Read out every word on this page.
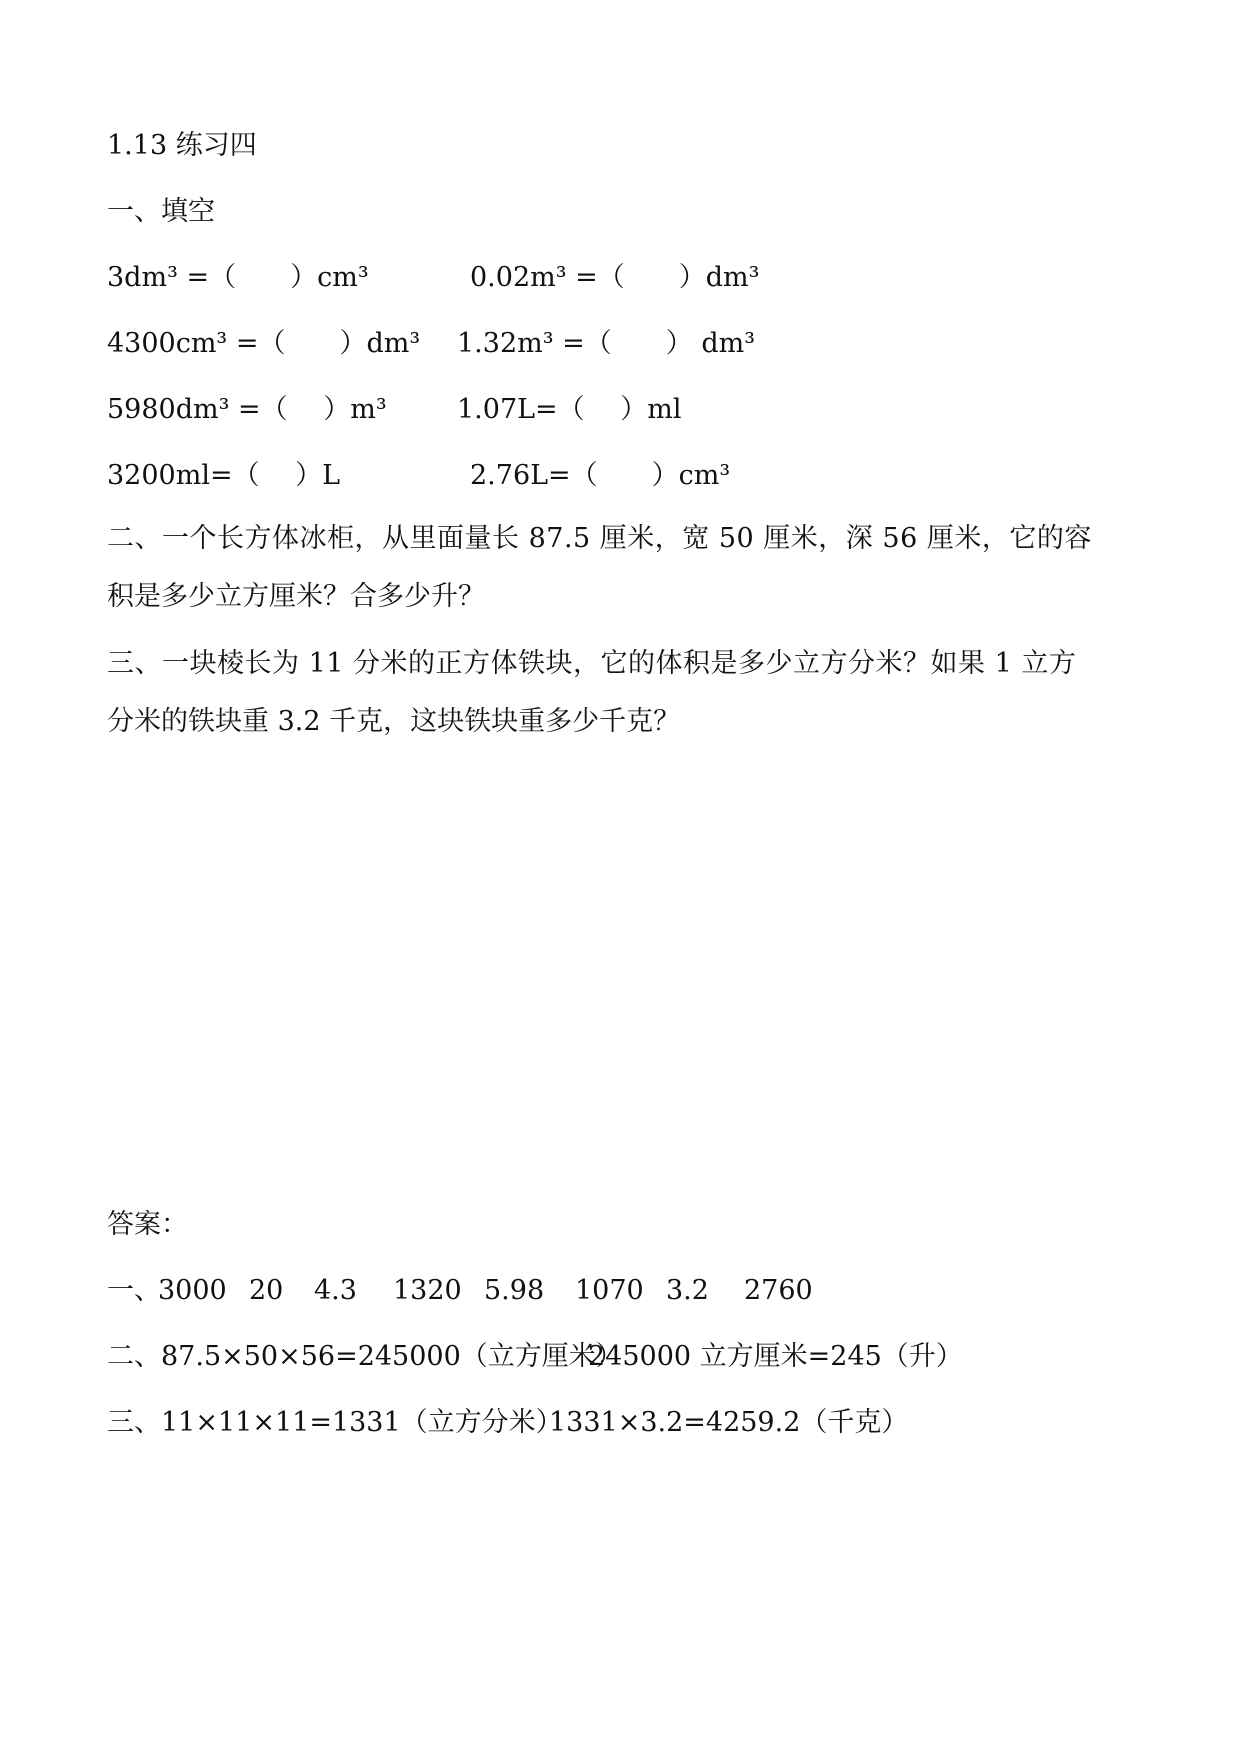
1.13 练习四
一、填空
3dm³ =（　　）cm³	0.02m³ =（　　）dm³
4300cm³ =（　　）dm³ 1.32m³ =（　　） dm³
5980dm³ =（　 ）m³	1.07L=（　 ）ml
3200ml=（　 ）L	2.76L=（　　）cm³
二、一个长方体冰柜，从里面量长 87.5 厘米，宽 50 厘米，深 56 厘米，它的容
积是多少立方厘米？合多少升？
三、一块棱长为 11 分米的正方体铁块，它的体积是多少立方分米？如果 1 立方
分米的铁块重 3.2 千克，这块铁块重多少千克？
答案：
一、
3000 20 4.3 1320 5.98 1070 3.2 2760
二、87.5×50×56=245000（立方厘米）
245000 立方厘米=245（升）
三、11×11×11=1331（立方分米）
1331×3.2=4259.2（千克）
